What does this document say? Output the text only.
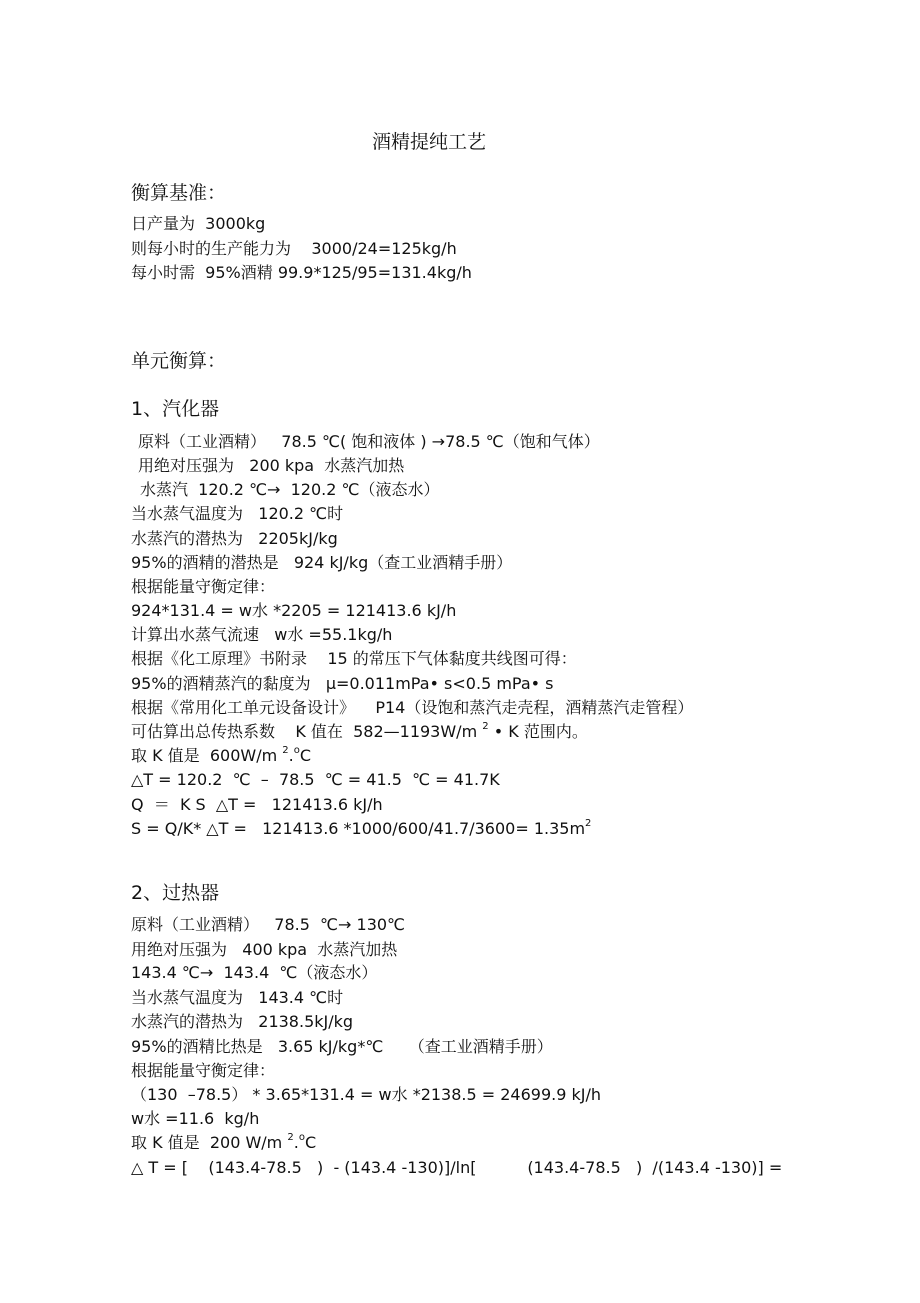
酒精提纯工艺
衡算基准：
日产量为  3000kg
则每小时的生产能力为    3000/24=125kg/h
每小时需  95%酒精 99.9*125/95=131.4kg/h
单元衡算：
1、汽化器
原料（工业酒精）   78.5 ℃( 饱和液体 ) →78.5 ℃（饱和气体）
用绝对压强为   200 kpa  水蒸汽加热
水蒸汽  120.2 ℃→  120.2 ℃（液态水）
当水蒸气温度为   120.2 ℃时
水蒸汽的潜热为   2205kJ/kg
95%的酒精的潜热是   924 kJ/kg（查工业酒精手册）
根据能量守衡定律：
924*131.4 = w水 *2205 = 121413.6 kJ/h
计算出水蒸气流速   w水 =55.1kg/h
根据《化工原理》书附录    15 的常压下气体黏度共线图可得：
95%的酒精蒸汽的黏度为   μ=0.011mPa• s<0.5 mPa• s
根据《常用化工单元设备设计》    P14（设饱和蒸汽走壳程，酒精蒸汽走管程）
可估算出总传热系数    K 值在  582—1193W/m $^2$ • K 范围内。
取 K 值是  600W/m $^2$.$^o$C
△T = 120.2  ℃  –  78.5  ℃ = 41.5  ℃ = 41.7K
Q  ＝  K S  △T =   121413.6 kJ/h
S = Q/K* △T =   121413.6 $*1000/600/41.7/3600= 1.35m^2$
2、过热器
原料（工业酒精）   78.5  ℃→ 130℃
用绝对压强为   400 kpa  水蒸汽加热
143.4 ℃→  143.4  ℃（液态水）
当水蒸气温度为   143.4 ℃时
水蒸汽的潜热为   2138.5kJ/kg
95%的酒精比热是   3.65 kJ/kg*℃     （查工业酒精手册）
根据能量守衡定律：
（130  –78.5） * 3.65*131.4 = w水 *2138.5 = 24699.9 kJ/h
w水 =11.6  kg/h
取 K 值是  200 W/m $^2$.$^o$C
△ T = [    (143.4-78.5   )  - (143.4 -130)]/ln[          (143.4-78.5   )  /(143.4 -130)] =
